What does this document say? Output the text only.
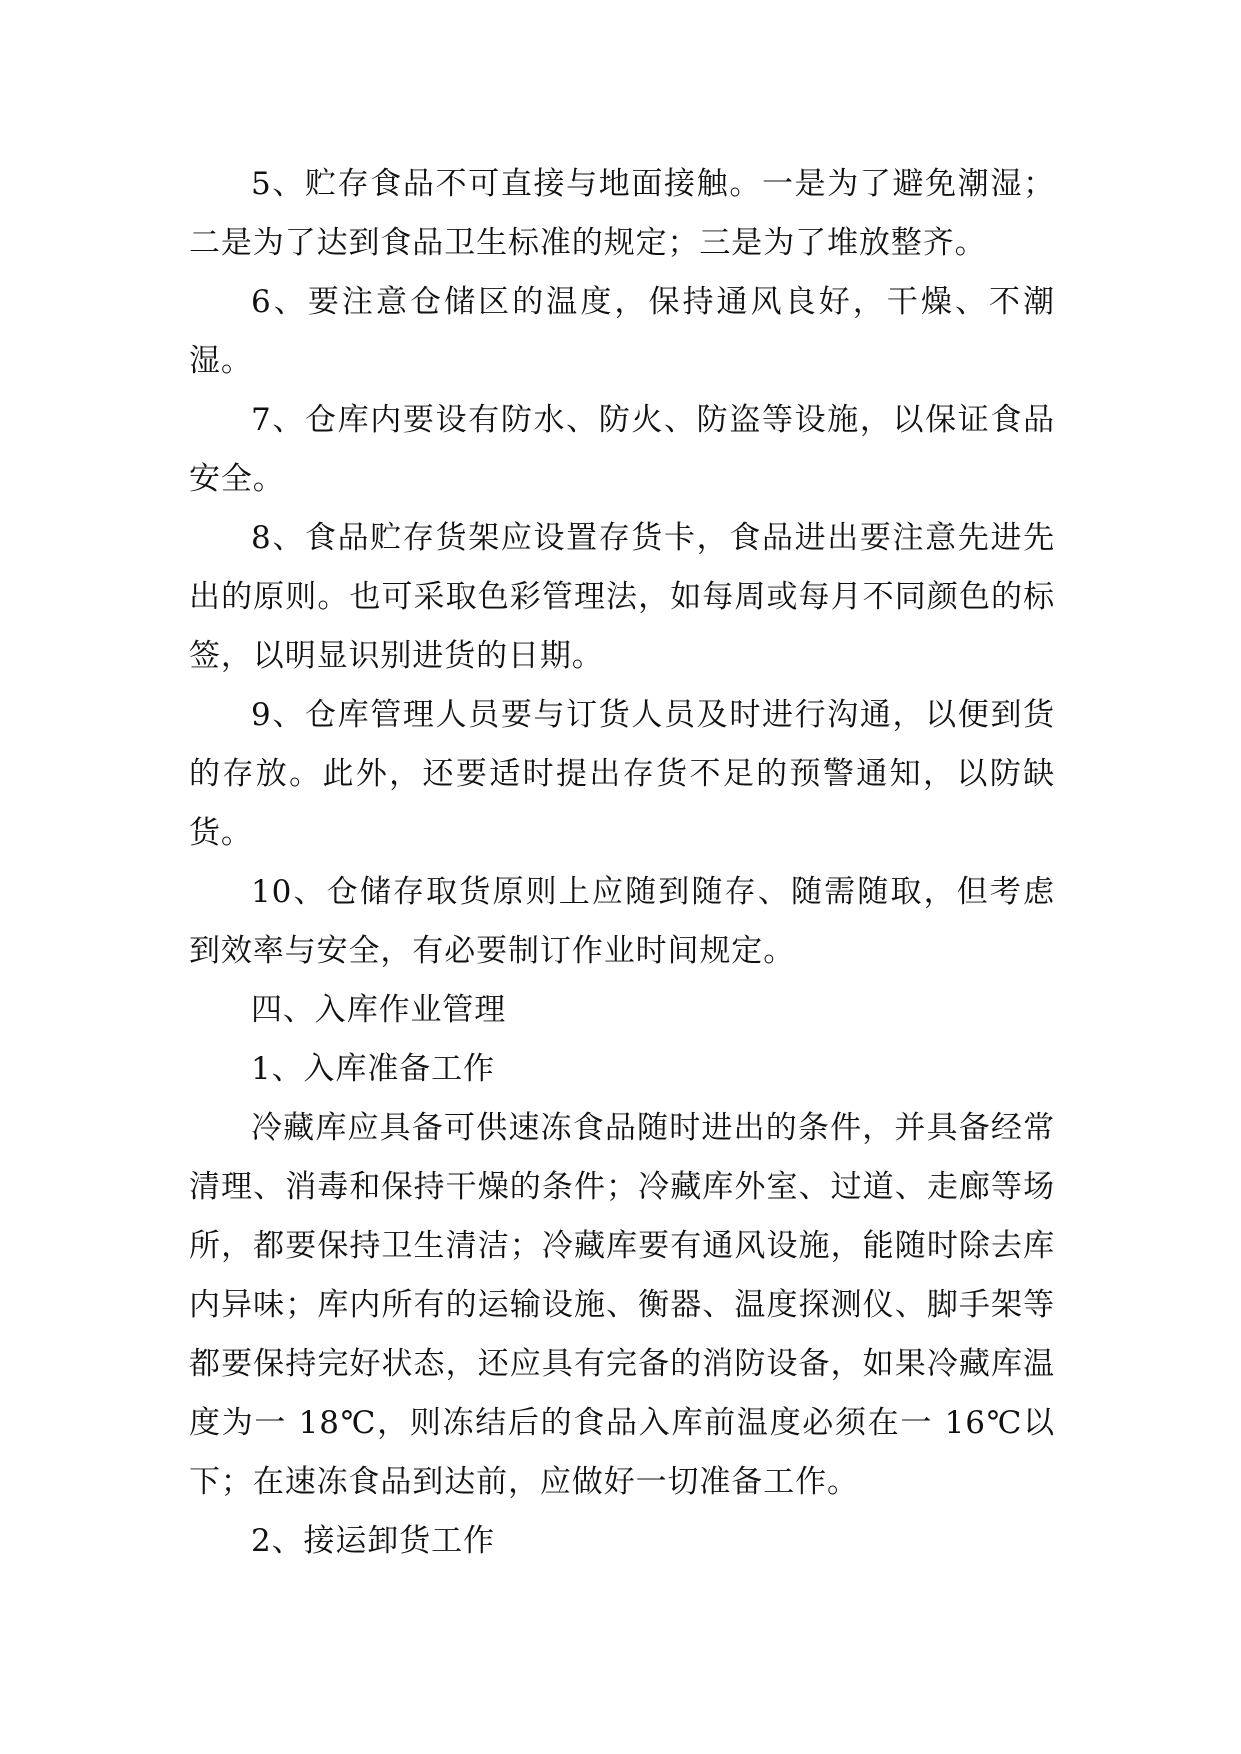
5、贮存食品不可直接与地面接触。一是为了避免潮湿；二是为了达到食品卫生标准的规定；三是为了堆放整齐。

6、要注意仓储区的温度，保持通风良好，干燥、不潮湿。

7、仓库内要设有防水、防火、防盗等设施，以保证食品安全。

8、食品贮存货架应设置存货卡，食品进出要注意先进先出的原则。也可采取色彩管理法，如每周或每月不同颜色的标签，以明显识别进货的日期。

9、仓库管理人员要与订货人员及时进行沟通，以便到货的存放。此外，还要适时提出存货不足的预警通知，以防缺货。

10、仓储存取货原则上应随到随存、随需随取，但考虑到效率与安全，有必要制订作业时间规定。

四、入库作业管理

1、入库准备工作

冷藏库应具备可供速冻食品随时进出的条件，并具备经常清理、消毒和保持干燥的条件；冷藏库外室、过道、走廊等场所，都要保持卫生清洁；冷藏库要有通风设施，能随时除去库内异味；库内所有的运输设施、衡器、温度探测仪、脚手架等都要保持完好状态，还应具有完备的消防设备，如果冷藏库温度为一 18℃，则冻结后的食品入库前温度必须在一 16℃以下；在速冻食品到达前，应做好一切准备工作。

2、接运卸货工作
